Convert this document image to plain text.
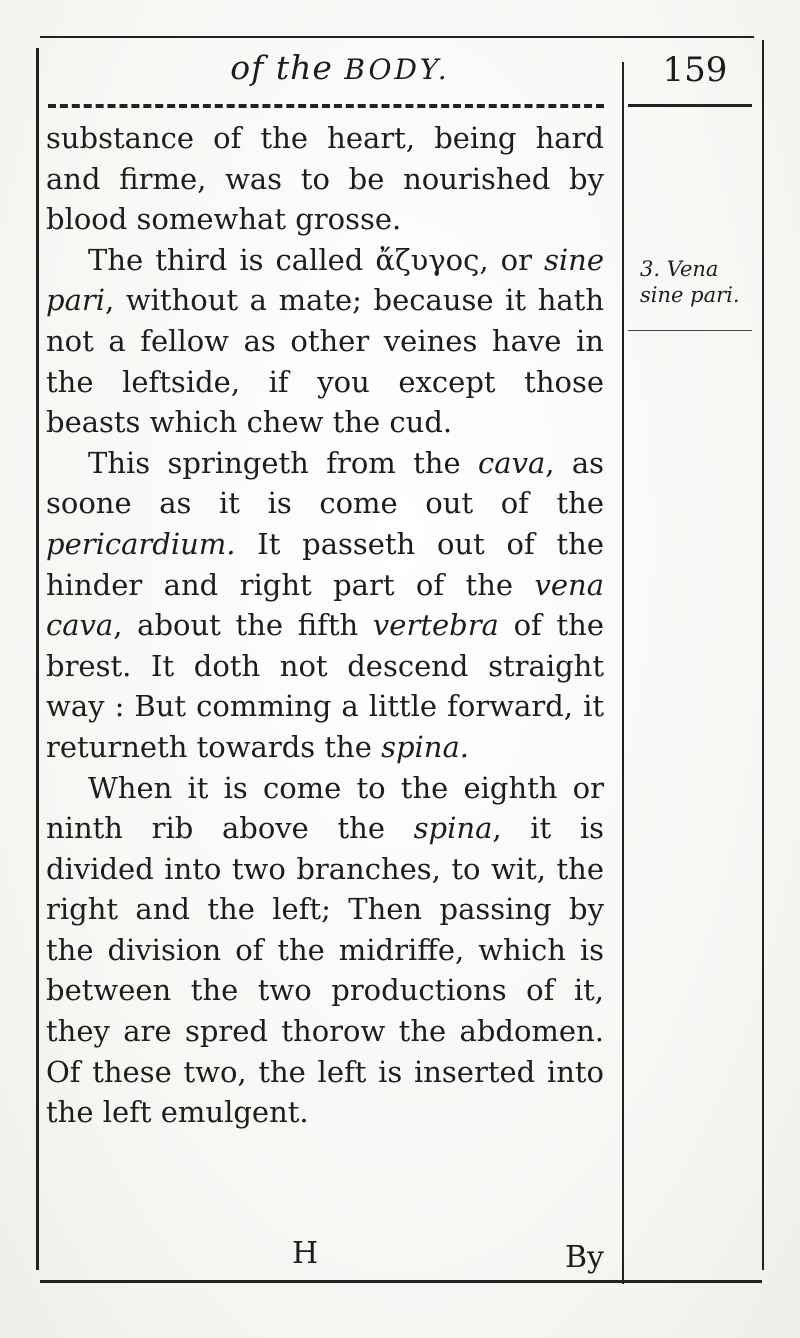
of the BODY.	159

substance of the heart, being hard and firme, was to be nourished by blood somewhat grosse.

The third is called ἄζυγος, or sine pari, without a mate; because it hath not a fellow as other veines have in the leftside, if you except those beasts which chew the cud.

This springeth from the cava, as soone as it is come out of the pericardium. It passeth out of the hinder and right part of the vena cava, about the fifth vertebra of the brest. It doth not descend straight way : But comming a little forward, it returneth towards the spina.

When it is come to the eighth or ninth rib above the spina, it is divided into two branches, to wit, the right and the left; Then passing by the division of the midriffe, which is between the two productions of it, they are spred thorow the abdomen. Of these two, the left is inserted into the left emulgent.

3. Vena
sine pari.
H	By
